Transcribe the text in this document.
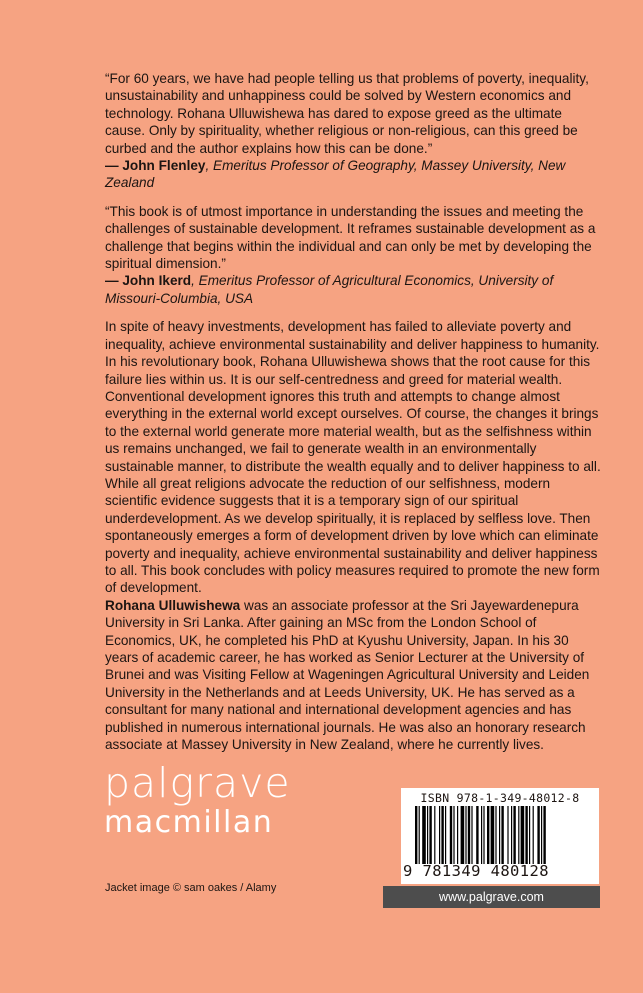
“For 60 years, we have had people telling us that problems of poverty, inequality, unsustainability and unhappiness could be solved by Western economics and technology. Rohana Ulluwishewa has dared to expose greed as the ultimate cause. Only by spirituality, whether religious or non-religious, can this greed be curbed and the author explains how this can be done.”

— John Flenley, Emeritus Professor of Geography, Massey University, New Zealand

“This book is of utmost importance in understanding the issues and meeting the challenges of sustainable development. It reframes sustainable development as a challenge that begins within the individual and can only be met by developing the spiritual dimension.”

— John Ikerd, Emeritus Professor of Agricultural Economics, University of Missouri-Columbia, USA

In spite of heavy investments, development has failed to alleviate poverty and inequality, achieve environmental sustainability and deliver happiness to humanity. In his revolutionary book, Rohana Ulluwishewa shows that the root cause for this failure lies within us. It is our self-centredness and greed for material wealth. Conventional development ignores this truth and attempts to change almost everything in the external world except ourselves. Of course, the changes it brings to the external world generate more material wealth, but as the selfishness within us remains unchanged, we fail to generate wealth in an environmentally sustainable manner, to distribute the wealth equally and to deliver happiness to all. While all great religions advocate the reduction of our selfishness, modern scientific evidence suggests that it is a temporary sign of our spiritual underdevelopment. As we develop spiritually, it is replaced by selfless love. Then spontaneously emerges a form of development driven by love which can eliminate poverty and inequality, achieve environmental sustainability and deliver happiness to all. This book concludes with policy measures required to promote the new form of development.

Rohana Ulluwishewa was an associate professor at the Sri Jayewardenepura University in Sri Lanka. After gaining an MSc from the London School of Economics, UK, he completed his PhD at Kyushu University, Japan. In his 30 years of academic career, he has worked as Senior Lecturer at the University of Brunei and was Visiting Fellow at Wageningen Agricultural University and Leiden University in the Netherlands and at Leeds University, UK. He has served as a consultant for many national and international development agencies and has published in numerous international journals. He was also an honorary research associate at Massey University in New Zealand, where he currently lives.

palgrave
macmillan
Jacket image © sam oakes / Alamy
ISBN 978-1-349-48012-8
9 781349 480128
www.palgrave.com
